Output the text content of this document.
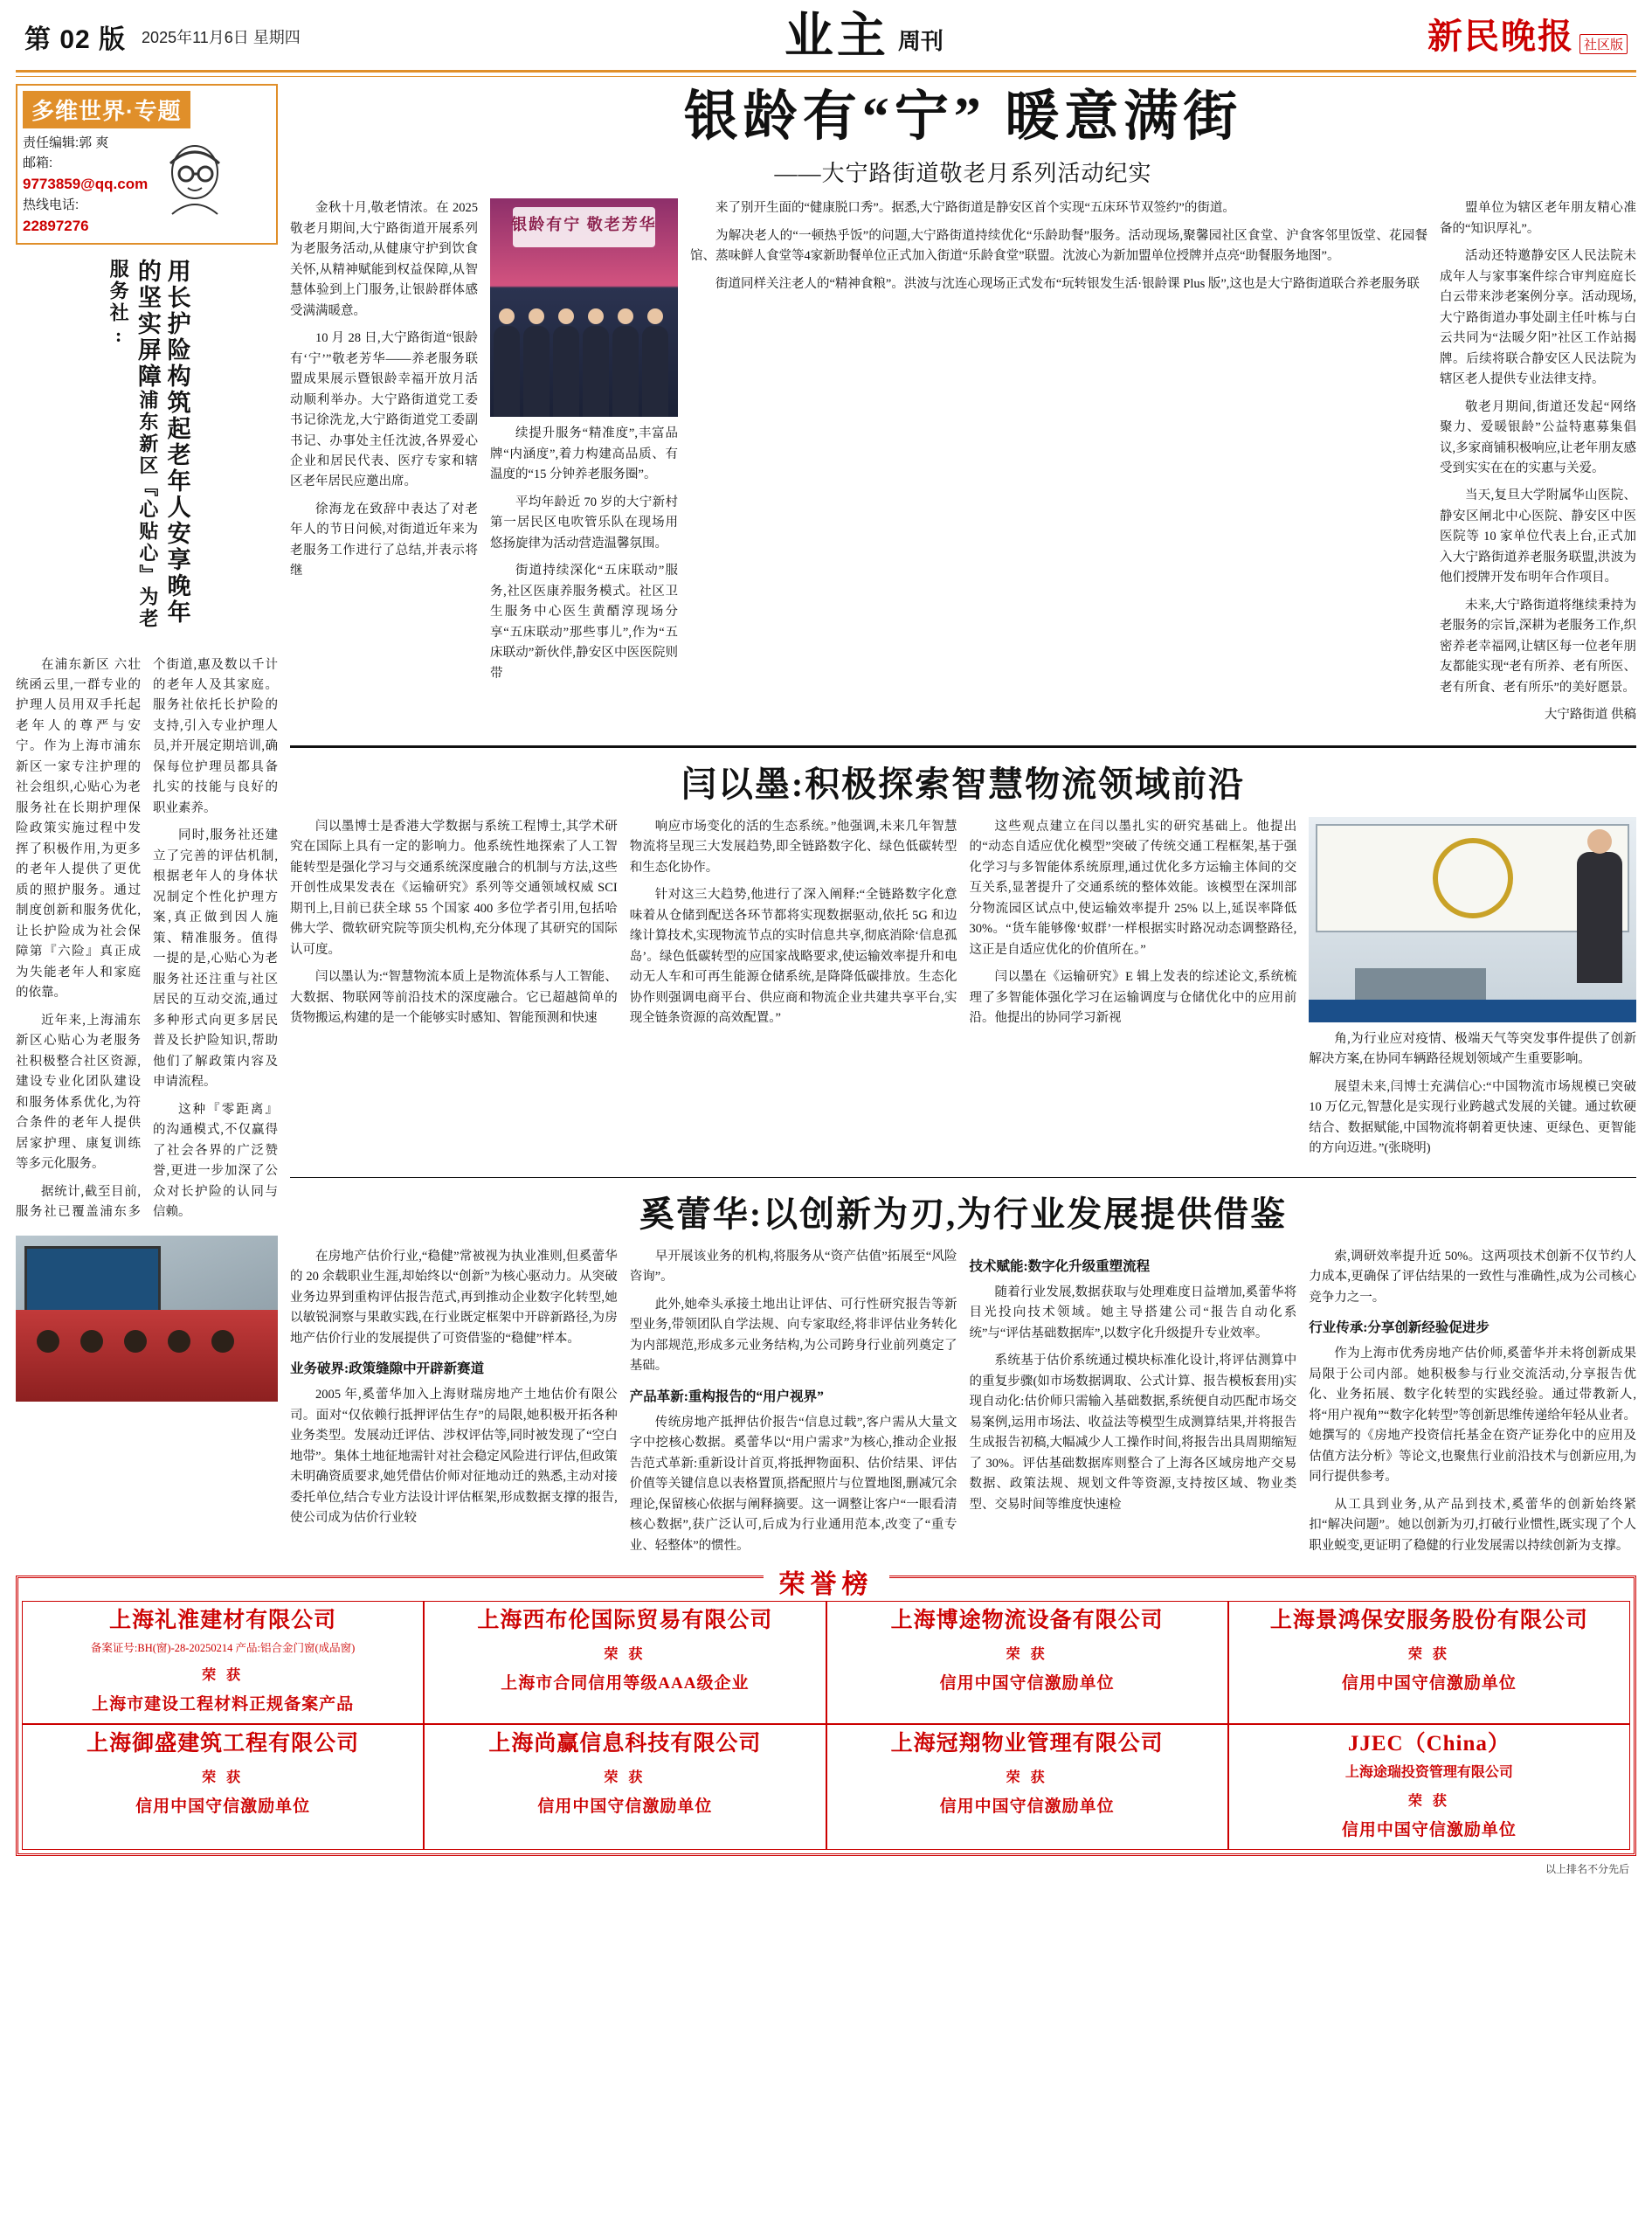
第 02 版 2025年11月6日 星期四	业主 周刊	新民晚报 社区版
多维世界·专题
责任编辑:郭 爽
邮箱:
9773859@qq.com
热线电话:
22897276
用长护险构筑起老年人安享晚年的坚实屏障浦东新区『心贴心』为老服务社:

在浦东新区 六壮统函云里,一群专业的护理人员用双手托起老年人的尊严与安宁。作为上海市浦东新区一家专注护理的社会组织,心贴心为老服务社在长期护理保险政策实施过程中发挥了积极作用,为更多的老年人提供了更优质的照护服务。通过制度创新和服务优化,让长护险成为社会保障第『六险』真正成为失能老年人和家庭的依靠。

近年来,上海浦东新区心贴心为老服务社积极整合社区资源,建设专业化团队建设和服务体系优化,为符合条件的老年人提供居家护理、康复训练等多元化服务。

据统计,截至目前,服务社已覆盖浦东多个街道,惠及数以千计的老年人及其家庭。服务社依托长护险的支持,引入专业护理人员,并开展定期培训,确保每位护理员都具备扎实的技能与良好的职业素养。

同时,服务社还建立了完善的评估机制,根据老年人的身体状况制定个性化护理方案,真正做到因人施策、精准服务。值得一提的是,心贴心为老服务社还注重与社区居民的互动交流,通过多种形式向更多居民普及长护险知识,帮助他们了解政策内容及申请流程。

这种『零距离』的沟通模式,不仅赢得了社会各界的广泛赞誉,更进一步加深了公众对长护险的认同与信赖。

银龄有“宁” 暖意满街
——大宁路街道敬老月系列活动纪实

金秋十月,敬老情浓。在 2025 敬老月期间,大宁路街道开展系列为老服务活动,从健康守护到饮食关怀,从精神赋能到权益保障,从智慧体验到上门服务,让银龄群体感受满满暖意。

10 月 28 日,大宁路街道“银龄有‘宁’”敬老芳华——养老服务联盟成果展示暨银龄幸福开放月活动顺利举办。大宁路街道党工委书记徐洗龙,大宁路街道党工委副书记、办事处主任沈波,各界爱心企业和居民代表、医疗专家和辖区老年居民应邀出席。

徐海龙在致辞中表达了对老年人的节日问候,对街道近年来为老服务工作进行了总结,并表示将继

银龄有宁 敬老芳华

续提升服务“精准度”,丰富品牌“内涵度”,着力构建高品质、有温度的“15 分钟养老服务圈”。

平均年龄近 70 岁的大宁新村第一居民区电吹管乐队在现场用悠扬旋律为活动营造温馨氛围。

街道持续深化“五床联动”服务,社区医康养服务模式。社区卫生服务中心医生黄醑淳现场分享“五床联动”那些事儿”,作为“五床联动”新伙伴,静安区中医医院则带

来了别开生面的“健康脱口秀”。据悉,大宁路街道是静安区首个实现“五床环节双签约”的街道。

为解决老人的“一顿热乎饭”的问题,大宁路街道持续优化“乐龄助餐”服务。活动现场,聚馨园社区食堂、沪食客邻里饭堂、花园餐馆、蒸味鲜人食堂等4家新助餐单位正式加入街道“乐龄食堂”联盟。沈波心为新加盟单位授牌并点亮“助餐服务地图”。

街道同样关注老人的“精神食粮”。洪波与沈连心现场正式发布“玩转银发生活·银龄课 Plus 版”,这也是大宁路街道联合养老服务联

盟单位为辖区老年朋友精心准备的“知识厚礼”。

活动还特邀静安区人民法院未成年人与家事案件综合审判庭庭长白云带来涉老案例分享。活动现场,大宁路街道办事处副主任叶栋与白云共同为“法暖夕阳”社区工作站揭牌。后续将联合静安区人民法院为辖区老人提供专业法律支持。

敬老月期间,街道还发起“网络聚力、爱暖银龄”公益特惠募集倡议,多家商铺积极响应,让老年朋友感受到实实在在的实惠与关爱。

当天,复旦大学附属华山医院、静安区闸北中心医院、静安区中医医院等 10 家单位代表上台,正式加入大宁路街道养老服务联盟,洪波为他们授牌开发布明年合作项目。

未来,大宁路街道将继续秉持为老服务的宗旨,深耕为老服务工作,织密养老幸福网,让辖区每一位老年朋友都能实现“老有所养、老有所医、老有所食、老有所乐”的美好愿景。

大宁路街道 供稿

闫以墨:积极探索智慧物流领域前沿

闫以墨博士是香港大学数据与系统工程博士,其学术研究在国际上具有一定的影响力。他系统性地探索了人工智能转型是强化学习与交通系统深度融合的机制与方法,这些开创性成果发表在《运输研究》系列等交通领域权威 SCI 期刊上,目前已获全球 55 个国家 400 多位学者引用,包括哈佛大学、微软研究院等顶尖机构,充分体现了其研究的国际认可度。

闫以墨认为:“智慧物流本质上是物流体系与人工智能、大数据、物联网等前沿技术的深度融合。它已超越简单的货物搬运,构建的是一个能够实时感知、智能预测和快速

响应市场变化的活的生态系统。”他强调,未来几年智慧物流将呈现三大发展趋势,即全链路数字化、绿色低碳转型和生态化协作。

针对这三大趋势,他进行了深入阐释:“全链路数字化意味着从仓储到配送各环节都将实现数据驱动,依托 5G 和边缘计算技术,实现物流节点的实时信息共享,彻底消除‘信息孤岛’。绿色低碳转型的应国家战略要求,使运输效率提升和电动无人车和可再生能源仓储系统,是降降低碳排放。生态化协作则强调电商平台、供应商和物流企业共建共享平台,实现全链条资源的高效配置。”

这些观点建立在闫以墨扎实的研究基础上。他提出的“动态自适应优化模型”突破了传统交通工程框架,基于强化学习与多智能体系统原理,通过优化多方运输主体间的交互关系,显著提升了交通系统的整体效能。该模型在深圳部分物流园区试点中,使运输效率提升 25% 以上,延误率降低 30%。“货车能够像‘蚁群’一样根据实时路况动态调整路径,这正是自适应优化的价值所在。”

闫以墨在《运输研究》E 辑上发表的综述论文,系统梳理了多智能体强化学习在运输调度与仓储优化中的应用前沿。他提出的协同学习新视

角,为行业应对疫情、极端天气等突发事件提供了创新解决方案,在协同车辆路径规划领域产生重要影响。

展望未来,闫博士充满信心:“中国物流市场规模已突破 10 万亿元,智慧化是实现行业跨越式发展的关键。通过软硬结合、数据赋能,中国物流将朝着更快速、更绿色、更智能的方向迈进。”(张晓明)

奚蕾华:以创新为刃,为行业发展提供借鉴

在房地产估价行业,“稳健”常被视为执业准则,但奚蕾华的 20 余载职业生涯,却始终以“创新”为核心驱动力。从突破业务边界到重构评估报告范式,再到推动企业数字化转型,她以敏锐洞察与果敢实践,在行业既定框架中开辟新路径,为房地产估价行业的发展提供了可资借鉴的“稳健”样本。

业务破界:政策缝隙中开辟新赛道

2005 年,奚蕾华加入上海财瑞房地产土地估价有限公司。面对“仅依赖行抵押评估生存”的局限,她积极开拓各种业务类型。发展动迁评估、涉权评估等,同时被发现了“空白地带”。集体土地征地需针对社会稳定风险进行评估,但政策未明确资质要求,她凭借估价师对征地动迁的熟悉,主动对接委托单位,结合专业方法设计评估框架,形成数据支撑的报告,使公司成为估价行业较

早开展该业务的机构,将服务从“资产估值”拓展至“风险咨询”。

此外,她牵头承接土地出让评估、可行性研究报告等新型业务,带领团队自学法规、向专家取经,将非评估业务转化为内部规范,形成多元业务结构,为公司跨身行业前列奠定了基础。

产品革新:重构报告的“用户视界”

传统房地产抵押估价报告“信息过载”,客户需从大量文字中挖核心数据。奚蕾华以“用户需求”为核心,推动企业报告范式革新:重新设计首页,将抵押物面积、估价结果、评估价值等关键信息以表格置顶,搭配照片与位置地图,删减冗余理论,保留核心依据与阐释摘要。这一调整让客户“一眼看清核心数据”,获广泛认可,后成为行业通用范本,改变了“重专业、轻整体”的惯性。

技术赋能:数字化升级重塑流程

随着行业发展,数据获取与处理难度日益增加,奚蕾华将目光投向技术领域。她主导搭建公司“报告自动化系统”与“评估基础数据库”,以数字化升级提升专业效率。

系统基于估价系统通过模块标准化设计,将评估测算中的重复步骤(如市场数据调取、公式计算、报告模板套用)实现自动化:估价师只需输入基础数据,系统便自动匹配市场交易案例,运用市场法、收益法等模型生成测算结果,并将报告生成报告初稿,大幅减少人工操作时间,将报告出具周期缩短了 30%。评估基础数据库则整合了上海各区域房地产交易数据、政策法规、规划文件等资源,支持按区域、物业类型、交易时间等维度快速检

索,调研效率提升近 50%。这两项技术创新不仅节约人力成本,更确保了评估结果的一致性与准确性,成为公司核心竞争力之一。

行业传承:分享创新经验促进步

作为上海市优秀房地产估价师,奚蕾华并未将创新成果局限于公司内部。她积极参与行业交流活动,分享报告优化、业务拓展、数字化转型的实践经验。通过带教新人,将“用户视角”“数字化转型”等创新思维传递给年轻从业者。她撰写的《房地产投资信托基金在资产证券化中的应用及估值方法分析》等论文,也聚焦行业前沿技术与创新应用,为同行提供参考。

从工具到业务,从产品到技术,奚蕾华的创新始终紧扣“解决问题”。她以创新为刃,打破行业惯性,既实现了个人职业蜕变,更证明了稳健的行业发展需以持续创新为支撑。

荣誉榜
上海礼淮建材有限公司
备案证号:BH(窗)-28-20250214 产品:铝合金门窗(成品窗)
荣 获
上海市建设工程材料正规备案产品
上海西布伦国际贸易有限公司
荣 获
上海市合同信用等级AAA级企业
上海博途物流设备有限公司
荣 获
信用中国守信激励单位
上海景鸿保安服务股份有限公司
荣 获
信用中国守信激励单位
上海御盛建筑工程有限公司
荣 获
信用中国守信激励单位
上海尚赢信息科技有限公司
荣 获
信用中国守信激励单位
上海冠翔物业管理有限公司
荣 获
信用中国守信激励单位
JJEC（China）
上海途瑞投资管理有限公司
荣 获
信用中国守信激励单位
以上排名不分先后
